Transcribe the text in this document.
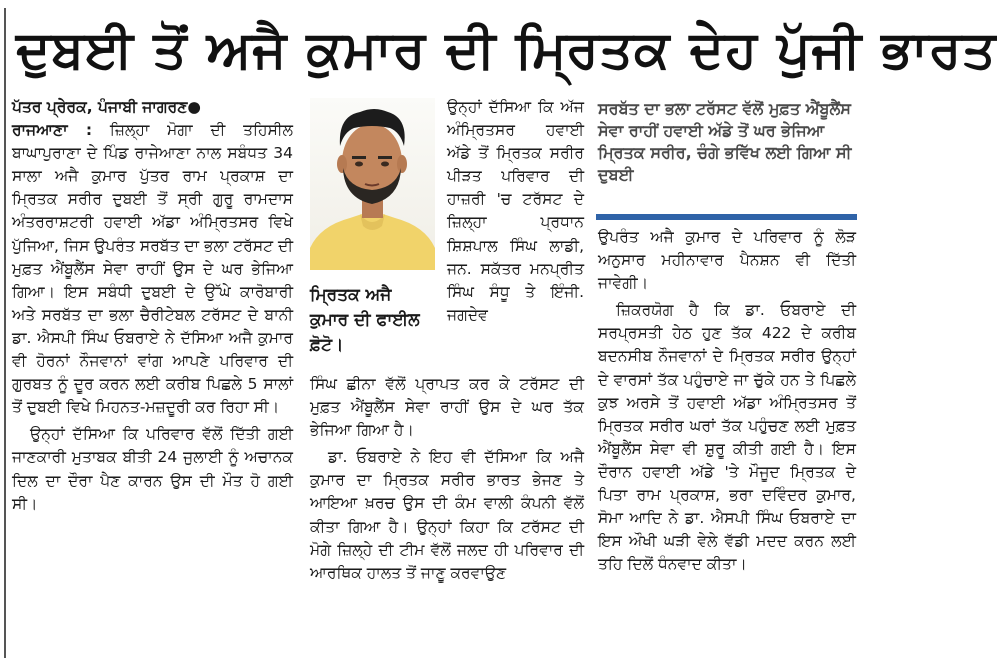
ਦੁਬਈ ਤੋਂ ਅਜੈ ਕੁਮਾਰ ਦੀ ਮ੍ਰਿਤਕ ਦੇਹ ਪੁੱਜੀ ਭਾਰਤ

ਪੱਤਰ ਪ੍ਰੇਰਕ, ਪੰਜਾਬੀ ਜਾਗਰਣ●
ਰਾਜਆਣਾ : ਜ਼ਿਲ੍ਹਾ ਮੋਗਾ ਦੀ ਤਹਿਸੀਲ ਬਾਘਾਪੁਰਾਣਾ ਦੇ ਪਿੰਡ ਰਾਜੇਆਣਾ ਨਾਲ ਸਬੰਧਤ 34 ਸਾਲਾ ਅਜੈ ਕੁਮਾਰ ਪੁੱਤਰ ਰਾਮ ਪ੍ਰਕਾਸ਼ ਦਾ ਮ੍ਰਿਤਕ ਸਰੀਰ ਦੁਬਈ ਤੋਂ ਸ੍ਰੀ ਗੁਰੂ ਰਾਮਦਾਸ ਅੰਤਰਰਾਸ਼ਟਰੀ ਹਵਾਈ ਅੱਡਾ ਅੰਮ੍ਰਿਤਸਰ ਵਿਖੇ ਪੁੱਜਿਆ, ਜਿਸ ਉਪਰੰਤ ਸਰਬੱਤ ਦਾ ਭਲਾ ਟਰੱਸਟ ਦੀ ਮੁਫ਼ਤ ਐਂਬੂਲੈਂਸ ਸੇਵਾ ਰਾਹੀਂ ਉਸ ਦੇ ਘਰ ਭੇਜਿਆ ਗਿਆ। ਇਸ ਸਬੰਧੀ ਦੁਬਈ ਦੇ ਉੱਘੇ ਕਾਰੋਬਾਰੀ ਅਤੇ ਸਰਬੱਤ ਦਾ ਭਲਾ ਚੈਰੀਟੇਬਲ ਟਰੱਸਟ ਦੇ ਬਾਨੀ ਡਾ. ਐਸਪੀ ਸਿੰਘ ਓਬਰਾਏ ਨੇ ਦੱਸਿਆ ਅਜੈ ਕੁਮਾਰ ਵੀ ਹੋਰਨਾਂ ਨੌਜਵਾਨਾਂ ਵਾਂਗ ਆਪਣੇ ਪਰਿਵਾਰ ਦੀ ਗੁਰਬਤ ਨੂੰ ਦੂਰ ਕਰਨ ਲਈ ਕਰੀਬ ਪਿਛਲੇ 5 ਸਾਲਾਂ ਤੋਂ ਦੁਬਈ ਵਿਖੇ ਮਿਹਨਤ-ਮਜ਼ਦੂਰੀ ਕਰ ਰਿਹਾ ਸੀ।

ਉਨ੍ਹਾਂ ਦੱਸਿਆ ਕਿ ਪਰਿਵਾਰ ਵੱਲੋਂ ਦਿੱਤੀ ਗਈ ਜਾਣਕਾਰੀ ਮੁਤਾਬਕ ਬੀਤੀ 24 ਜੁਲਾਈ ਨੂੰ ਅਚਾਨਕ ਦਿਲ ਦਾ ਦੌਰਾ ਪੈਣ ਕਾਰਨ ਉਸ ਦੀ ਮੌਤ ਹੋ ਗਈ ਸੀ।

ਮ੍ਰਿਤਕ ਅਜੈ ਕੁਮਾਰ ਦੀ ਫਾਈਲ ਫ਼ੋਟੋ।

ਉਨ੍ਹਾਂ ਦੱਸਿਆ ਕਿ ਅੱਜ ਅੰਮ੍ਰਿਤਸਰ ਹਵਾਈ ਅੱਡੇ ਤੋਂ ਮ੍ਰਿਤਕ ਸਰੀਰ ਪੀੜਤ ਪਰਿਵਾਰ ਦੀ ਹਾਜ਼ਰੀ 'ਚ ਟਰੱਸਟ ਦੇ ਜ਼ਿਲ੍ਹਾ ਪ੍ਰਧਾਨ ਸ਼ਿਸ਼ਪਾਲ ਸਿੰਘ ਲਾਡੀ, ਜਨ. ਸਕੱਤਰ ਮਨਪ੍ਰੀਤ ਸਿੰਘ ਸੰਧੂ ਤੇ ਇੰਜੀ. ਜਗਦੇਵ

ਸਿੰਘ ਛੀਨਾ ਵੱਲੋਂ ਪ੍ਰਾਪਤ ਕਰ ਕੇ ਟਰੱਸਟ ਦੀ ਮੁਫ਼ਤ ਐਂਬੂਲੈਂਸ ਸੇਵਾ ਰਾਹੀਂ ਉਸ ਦੇ ਘਰ ਤੱਕ ਭੇਜਿਆ ਗਿਆ ਹੈ।

ਡਾ. ਓਬਰਾਏ ਨੇ ਇਹ ਵੀ ਦੱਸਿਆ ਕਿ ਅਜੈ ਕੁਮਾਰ ਦਾ ਮ੍ਰਿਤਕ ਸਰੀਰ ਭਾਰਤ ਭੇਜਣ ਤੇ ਆਇਆ ਖ਼ਰਚ ਉਸ ਦੀ ਕੰਮ ਵਾਲੀ ਕੰਪਨੀ ਵੱਲੋਂ ਕੀਤਾ ਗਿਆ ਹੈ। ਉਨ੍ਹਾਂ ਕਿਹਾ ਕਿ ਟਰੱਸਟ ਦੀ ਮੋਗੇ ਜ਼ਿਲ੍ਹੇ ਦੀ ਟੀਮ ਵੱਲੋਂ ਜਲਦ ਹੀ ਪਰਿਵਾਰ ਦੀ ਆਰਥਿਕ ਹਾਲਤ ਤੋਂ ਜਾਣੂ ਕਰਵਾਉਣ

ਸਰਬੱਤ ਦਾ ਭਲਾ ਟਰੱਸਟ ਵੱਲੋਂ ਮੁਫ਼ਤ ਐਂਬੂਲੈਂਸ ਸੇਵਾ ਰਾਹੀਂ ਹਵਾਈ ਅੱਡੇ ਤੋਂ ਘਰ ਭੇਜਿਆ ਮ੍ਰਿਤਕ ਸਰੀਰ, ਚੰਗੇ ਭਵਿੱਖ ਲਈ ਗਿਆ ਸੀ ਦੁਬਈ

ਉਪਰੰਤ ਅਜੈ ਕੁਮਾਰ ਦੇ ਪਰਿਵਾਰ ਨੂੰ ਲੋੜ ਅਨੁਸਾਰ ਮਹੀਨਾਵਾਰ ਪੈਨਸ਼ਨ ਵੀ ਦਿੱਤੀ ਜਾਵੇਗੀ।

ਜ਼ਿਕਰਯੋਗ ਹੈ ਕਿ ਡਾ. ਓਬਰਾਏ ਦੀ ਸਰਪ੍ਰਸਤੀ ਹੇਠ ਹੁਣ ਤੱਕ 422 ਦੇ ਕਰੀਬ ਬਦਨਸੀਬ ਨੌਜਵਾਨਾਂ ਦੇ ਮ੍ਰਿਤਕ ਸਰੀਰ ਉਨ੍ਹਾਂ ਦੇ ਵਾਰਸਾਂ ਤੱਕ ਪਹੁੰਚਾਏ ਜਾ ਚੁੱਕੇ ਹਨ ਤੇ ਪਿਛਲੇ ਕੁਝ ਅਰਸੇ ਤੋਂ ਹਵਾਈ ਅੱਡਾ ਅੰਮ੍ਰਿਤਸਰ ਤੋਂ ਮ੍ਰਿਤਕ ਸਰੀਰ ਘਰਾਂ ਤੱਕ ਪਹੁੰਚਣ ਲਈ ਮੁਫ਼ਤ ਐਂਬੂਲੈਂਸ ਸੇਵਾ ਵੀ ਸ਼ੁਰੂ ਕੀਤੀ ਗਈ ਹੈ। ਇਸ ਦੌਰਾਨ ਹਵਾਈ ਅੱਡੇ 'ਤੇ ਮੌਜੂਦ ਮ੍ਰਿਤਕ ਦੇ ਪਿਤਾ ਰਾਮ ਪ੍ਰਕਾਸ਼, ਭਰਾ ਦਵਿੰਦਰ ਕੁਮਾਰ, ਸੋਮਾ ਆਦਿ ਨੇ ਡਾ. ਐਸਪੀ ਸਿੰਘ ਓਬਰਾਏ ਦਾ ਇਸ ਔਖੀ ਘੜੀ ਵੇਲੇ ਵੱਡੀ ਮਦਦ ਕਰਨ ਲਈ ਤਹਿ ਦਿਲੋਂ ਧੰਨਵਾਦ ਕੀਤਾ।
